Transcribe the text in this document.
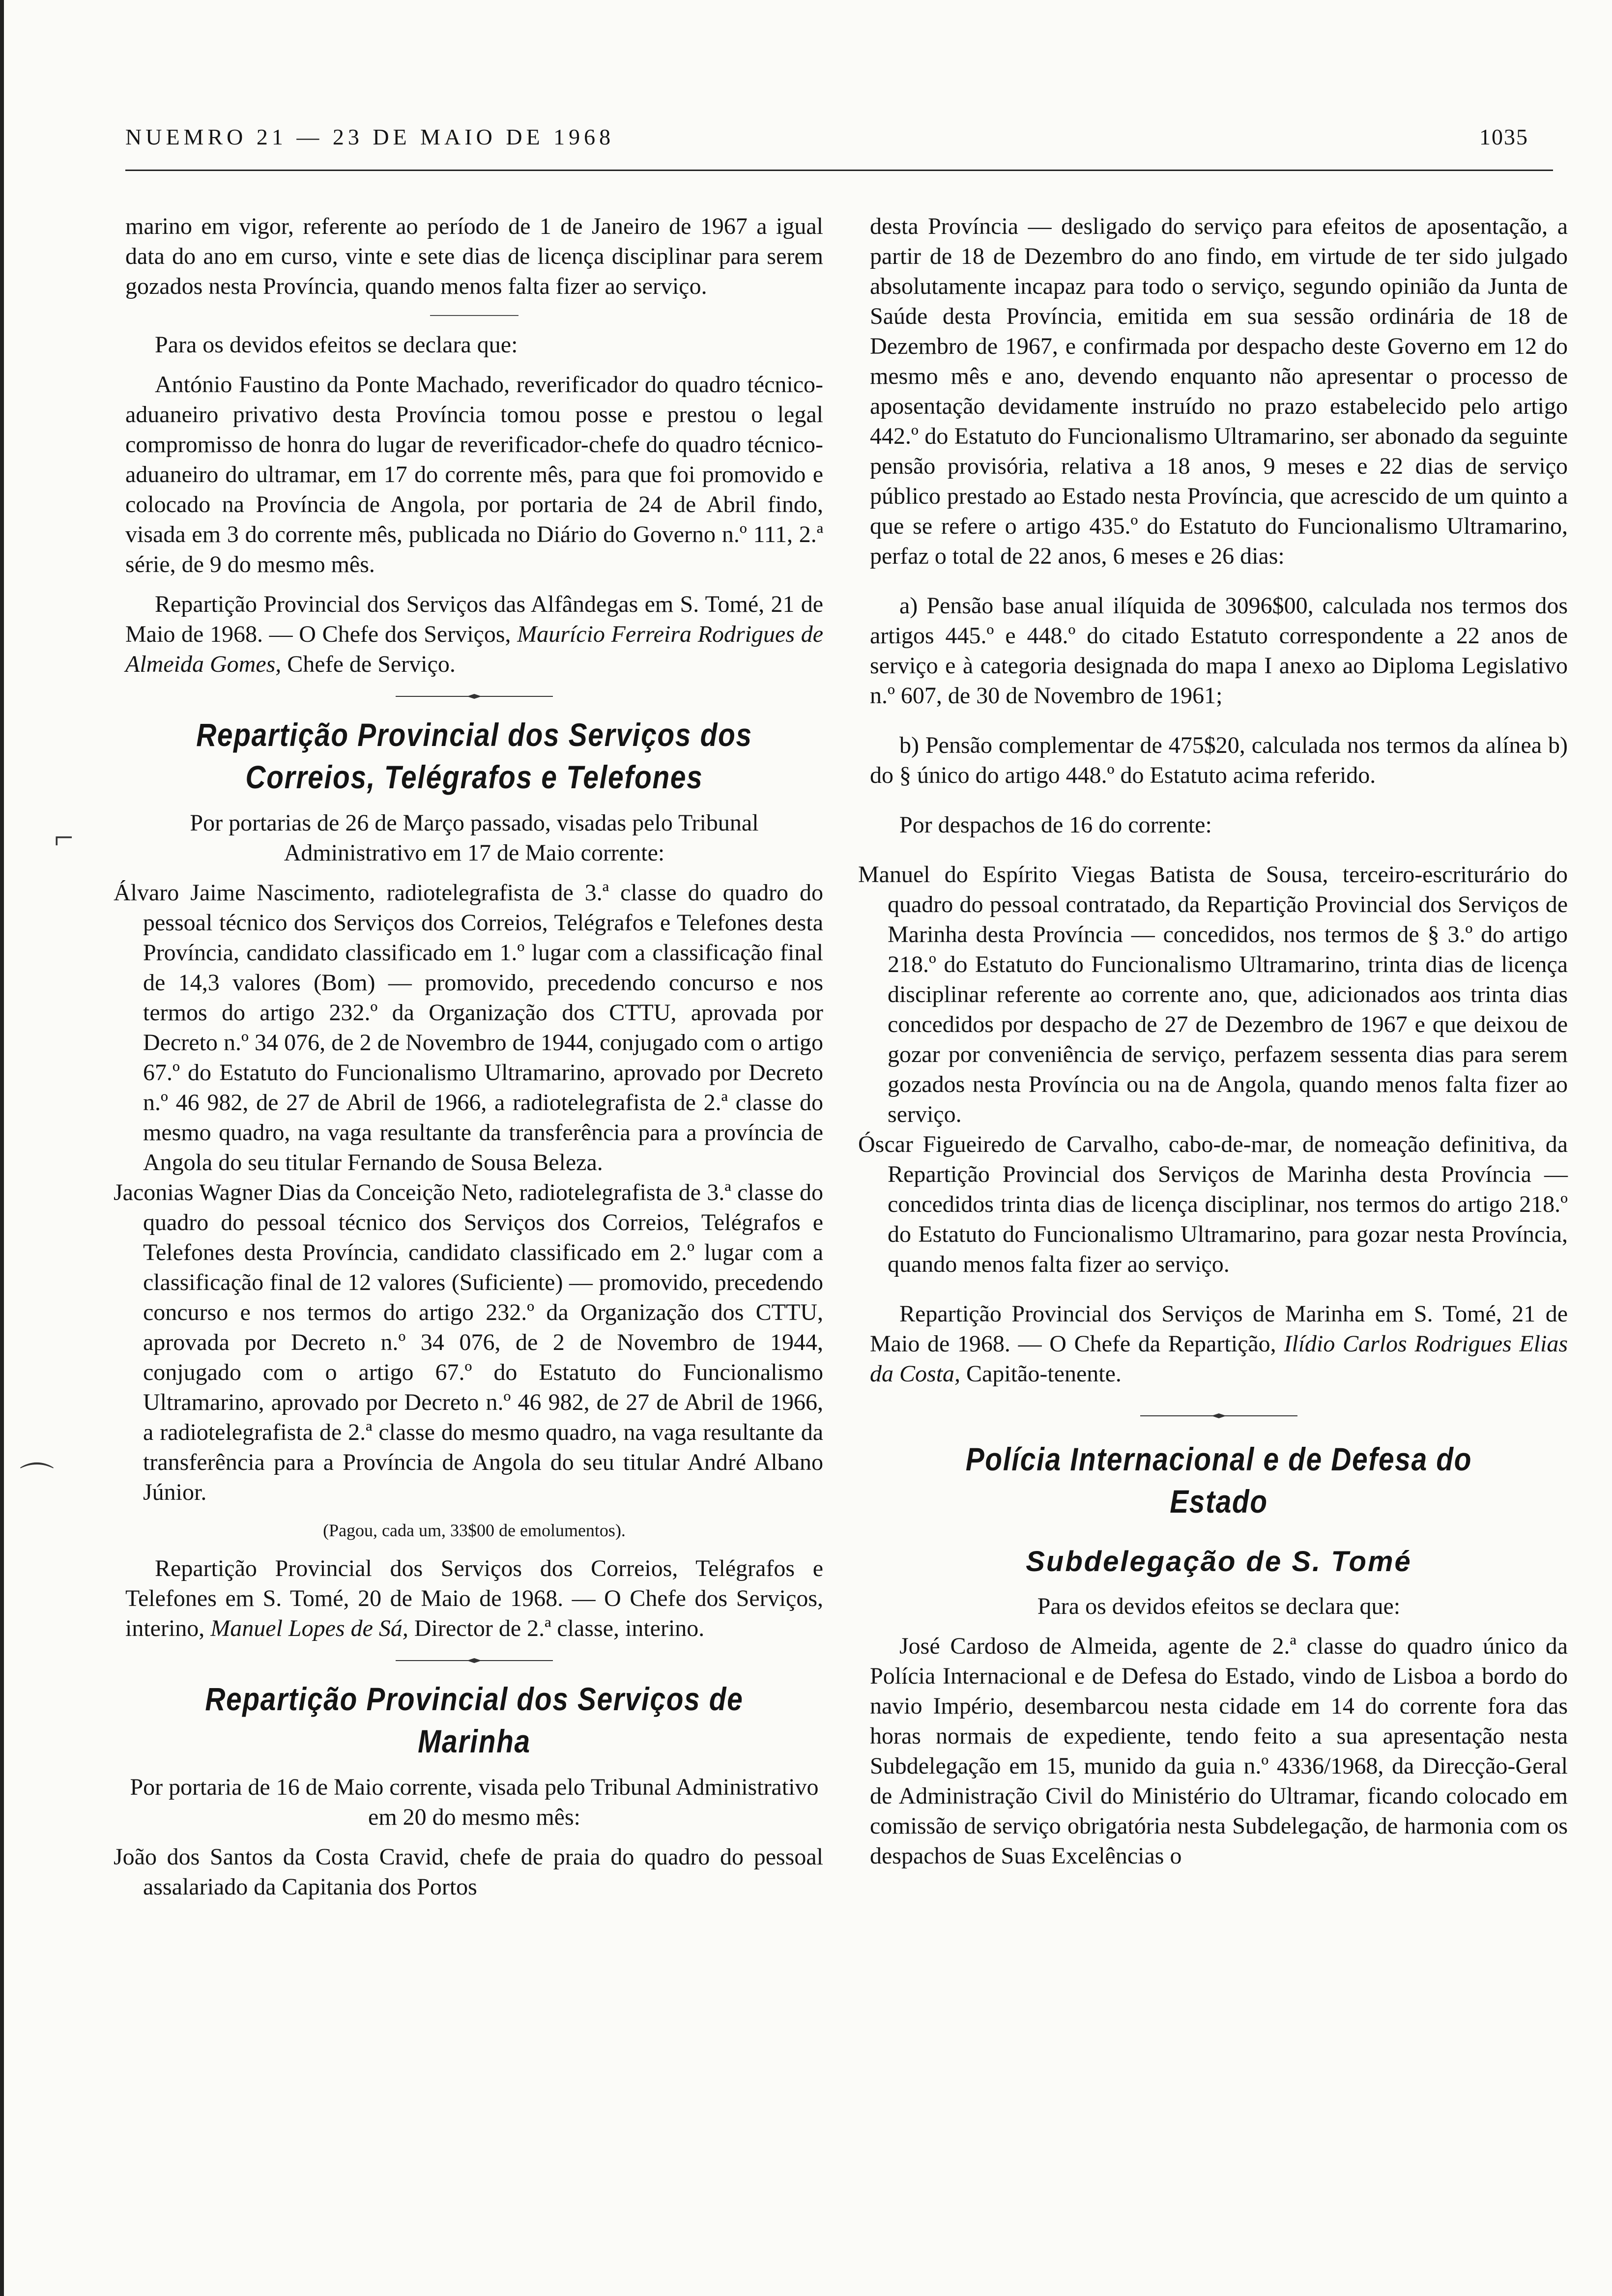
NUEMRO 21 — 23 DE MAIO DE 1968	1035
⌐
⌒

marino em vigor, referente ao período de 1 de Janeiro de 1967 a igual data do ano em curso, vinte e sete dias de licença disciplinar para serem gozados nesta Província, quando menos falta fizer ao serviço.

Para os devidos efeitos se declara que:

António Faustino da Ponte Machado, reverificador do quadro técnico-aduaneiro privativo desta Província tomou posse e prestou o legal compromisso de honra do lugar de reverificador-chefe do quadro técnico-aduaneiro do ultramar, em 17 do corrente mês, para que foi promovido e colocado na Província de Angola, por portaria de 24 de Abril findo, visada em 3 do corrente mês, publicada no Diário do Governo n.º 111, 2.ª série, de 9 do mesmo mês.

Repartição Provincial dos Serviços das Alfândegas em S. Tomé, 21 de Maio de 1968. — O Chefe dos Serviços, Maurício Ferreira Rodrigues de Almeida Gomes, Chefe de Serviço.

Repartição Provincial dos Serviços dos Correios, Telégrafos e Telefones

Por portarias de 26 de Março passado, visadas pelo Tribunal Administrativo em 17 de Maio corrente:

Álvaro Jaime Nascimento, radiotelegrafista de 3.ª classe do quadro do pessoal técnico dos Serviços dos Correios, Telégrafos e Telefones desta Província, candidato classificado em 1.º lugar com a classificação final de 14,3 valores (Bom) — promovido, precedendo concurso e nos termos do artigo 232.º da Organização dos CTTU, aprovada por Decreto n.º 34 076, de 2 de Novembro de 1944, conjugado com o artigo 67.º do Estatuto do Funcionalismo Ultramarino, aprovado por Decreto n.º 46 982, de 27 de Abril de 1966, a radiotelegrafista de 2.ª classe do mesmo quadro, na vaga resultante da transferência para a província de Angola do seu titular Fernando de Sousa Beleza.

Jaconias Wagner Dias da Conceição Neto, radiotelegrafista de 3.ª classe do quadro do pessoal técnico dos Serviços dos Correios, Telégrafos e Telefones desta Província, candidato classificado em 2.º lugar com a classificação final de 12 valores (Suficiente) — promovido, precedendo concurso e nos termos do artigo 232.º da Organização dos CTTU, aprovada por Decreto n.º 34 076, de 2 de Novembro de 1944, conjugado com o artigo 67.º do Estatuto do Funcionalismo Ultramarino, aprovado por Decreto n.º 46 982, de 27 de Abril de 1966, a radiotelegrafista de 2.ª classe do mesmo quadro, na vaga resultante da transferência para a Província de Angola do seu titular André Albano Júnior.

(Pagou, cada um, 33$00 de emolumentos).

Repartição Provincial dos Serviços dos Correios, Telégrafos e Telefones em S. Tomé, 20 de Maio de 1968. — O Chefe dos Serviços, interino, Manuel Lopes de Sá, Director de 2.ª classe, interino.

Repartição Provincial dos Serviços de Marinha

Por portaria de 16 de Maio corrente, visada pelo Tribunal Administrativo em 20 do mesmo mês:

João dos Santos da Costa Cravid, chefe de praia do quadro do pessoal assalariado da Capitania dos Portos

desta Província — desligado do serviço para efeitos de aposentação, a partir de 18 de Dezembro do ano findo, em virtude de ter sido julgado absolutamente incapaz para todo o serviço, segundo opinião da Junta de Saúde desta Província, emitida em sua sessão ordinária de 18 de Dezembro de 1967, e confirmada por despacho deste Governo em 12 do mesmo mês e ano, devendo enquanto não apresentar o processo de aposentação devidamente instruído no prazo estabelecido pelo artigo 442.º do Estatuto do Funcionalismo Ultramarino, ser abonado da seguinte pensão provisória, relativa a 18 anos, 9 meses e 22 dias de serviço público prestado ao Estado nesta Província, que acrescido de um quinto a que se refere o artigo 435.º do Estatuto do Funcionalismo Ultramarino, perfaz o total de 22 anos, 6 meses e 26 dias:

a) Pensão base anual ilíquida de 3096$00, calculada nos termos dos artigos 445.º e 448.º do citado Estatuto correspondente a 22 anos de serviço e à categoria designada do mapa I anexo ao Diploma Legislativo n.º 607, de 30 de Novembro de 1961;

b) Pensão complementar de 475$20, calculada nos termos da alínea b) do § único do artigo 448.º do Estatuto acima referido.

Por despachos de 16 do corrente:

Manuel do Espírito Viegas Batista de Sousa, terceiro-escriturário do quadro do pessoal contratado, da Repartição Provincial dos Serviços de Marinha desta Província — concedidos, nos termos de § 3.º do artigo 218.º do Estatuto do Funcionalismo Ultramarino, trinta dias de licença disciplinar referente ao corrente ano, que, adicionados aos trinta dias concedidos por despacho de 27 de Dezembro de 1967 e que deixou de gozar por conveniência de serviço, perfazem sessenta dias para serem gozados nesta Província ou na de Angola, quando menos falta fizer ao serviço.

Óscar Figueiredo de Carvalho, cabo-de-mar, de nomeação definitiva, da Repartição Provincial dos Serviços de Marinha desta Província — concedidos trinta dias de licença disciplinar, nos termos do artigo 218.º do Estatuto do Funcionalismo Ultramarino, para gozar nesta Província, quando menos falta fizer ao serviço.

Repartição Provincial dos Serviços de Marinha em S. Tomé, 21 de Maio de 1968. — O Chefe da Repartição, Ilídio Carlos Rodrigues Elias da Costa, Capitão-tenente.

Polícia Internacional e de Defesa do Estado
Subdelegação de S. Tomé

Para os devidos efeitos se declara que:

José Cardoso de Almeida, agente de 2.ª classe do quadro único da Polícia Internacional e de Defesa do Estado, vindo de Lisboa a bordo do navio Império, desembarcou nesta cidade em 14 do corrente fora das horas normais de expediente, tendo feito a sua apresentação nesta Subdelegação em 15, munido da guia n.º 4336/1968, da Direcção-Geral de Administração Civil do Ministério do Ultramar, ficando colocado em comissão de serviço obrigatória nesta Subdelegação, de harmonia com os despachos de Suas Excelências o
